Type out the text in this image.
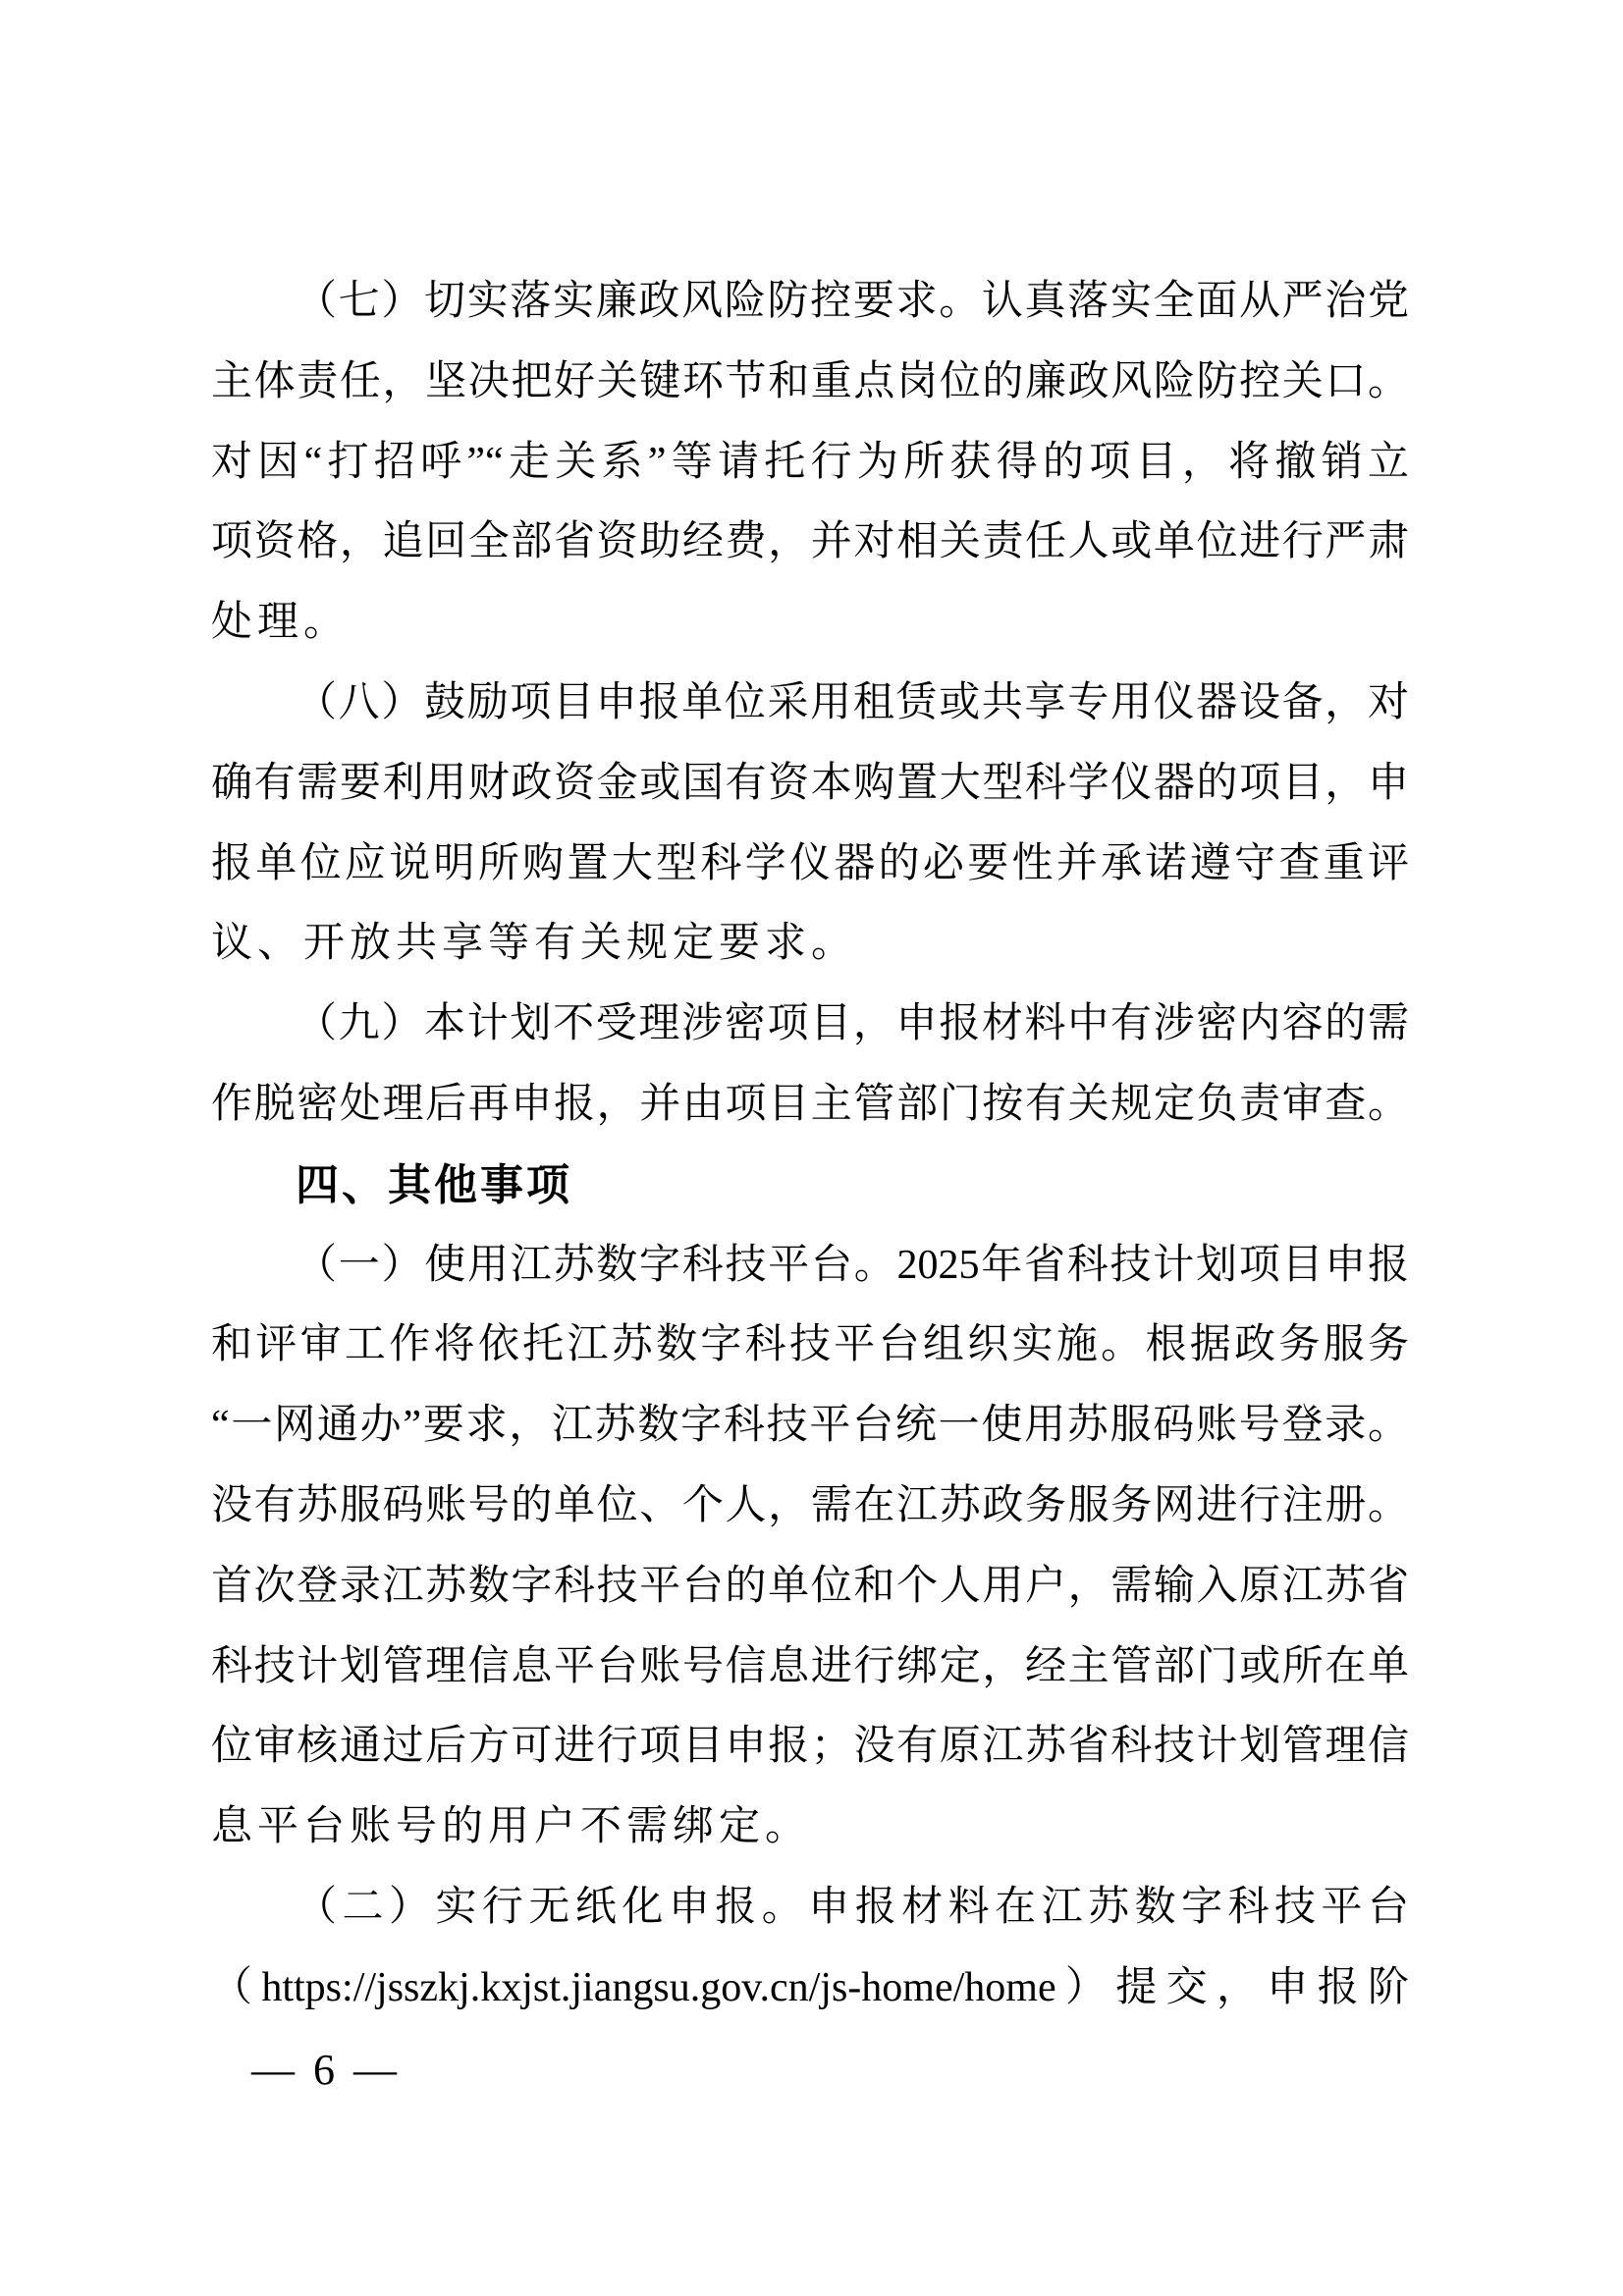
（七）切实落实廉政风险防控要求。认真落实全面从严治党
主体责任，坚决把好关键环节和重点岗位的廉政风险防控关口。
对因“打招呼”“走关系”等请托行为所获得的项目，将撤销立
项资格，追回全部省资助经费，并对相关责任人或单位进行严肃
处理。
（八）鼓励项目申报单位采用租赁或共享专用仪器设备，对
确有需要利用财政资金或国有资本购置大型科学仪器的项目，申
报单位应说明所购置大型科学仪器的必要性并承诺遵守查重评
议、开放共享等有关规定要求。
（九）本计划不受理涉密项目，申报材料中有涉密内容的需
作脱密处理后再申报，并由项目主管部门按有关规定负责审查。
四、其他事项
（一）使用江苏数字科技平台。2025年省科技计划项目申报
和评审工作将依托江苏数字科技平台组织实施。根据政务服务
“一网通办”要求，江苏数字科技平台统一使用苏服码账号登录。
没有苏服码账号的单位、个人，需在江苏政务服务网进行注册。
首次登录江苏数字科技平台的单位和个人用户，需输入原江苏省
科技计划管理信息平台账号信息进行绑定，经主管部门或所在单
位审核通过后方可进行项目申报；没有原江苏省科技计划管理信
息平台账号的用户不需绑定。
（二）实行无纸化申报。申报材料在江苏数字科技平台
（https://jsszkj.kxjst.jiangsu.gov.cn/js-home/home）提交，申报阶
— 6 —
